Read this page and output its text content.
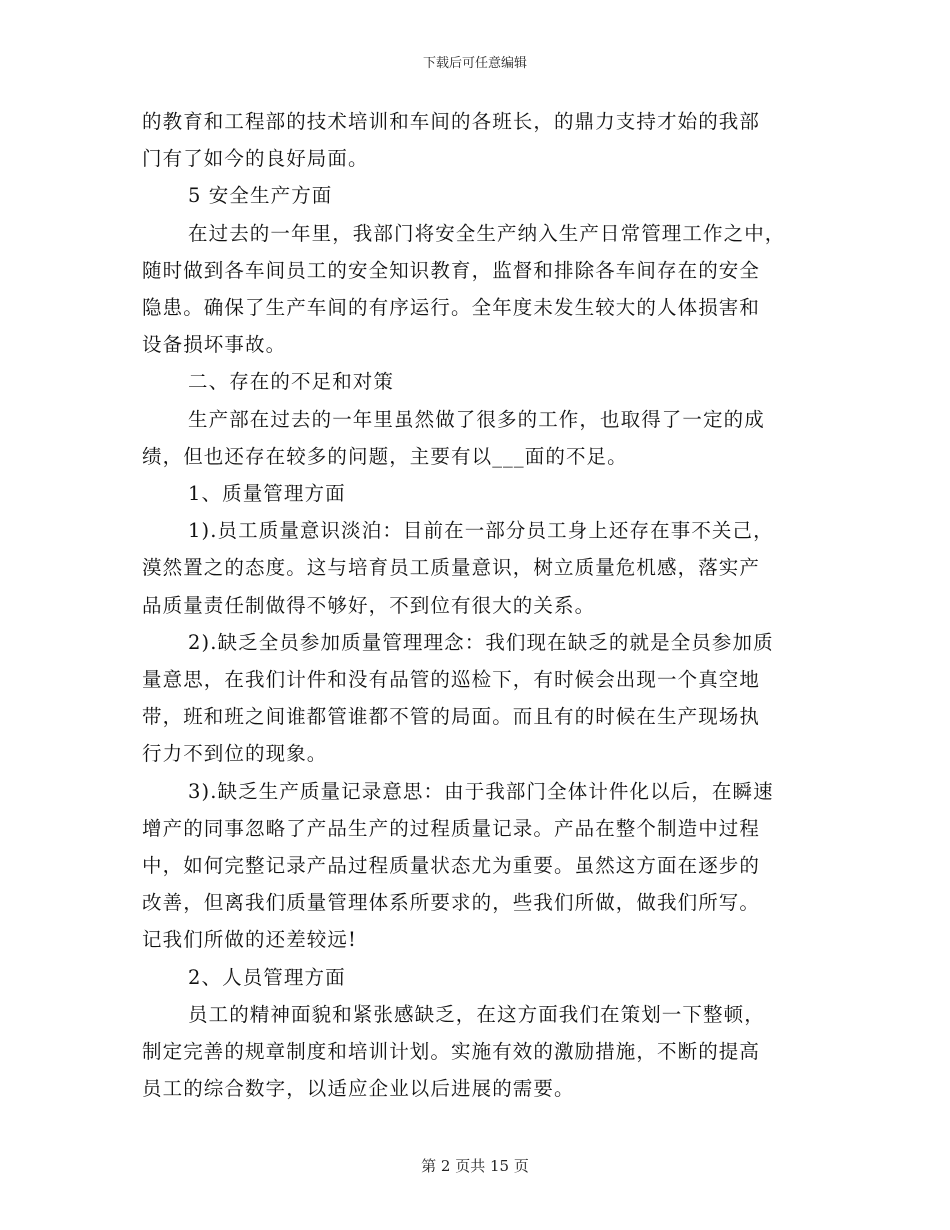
下载后可任意编辑

的教育和工程部的技术培训和车间的各班长，的鼎力支持才始的我部

门有了如今的良好局面。

5 安全生产方面

在过去的一年里，我部门将安全生产纳入生产日常管理工作之中，

随时做到各车间员工的安全知识教育，监督和排除各车间存在的安全

隐患。确保了生产车间的有序运行。全年度未发生较大的人体损害和

设备损坏事故。

二、存在的不足和对策

生产部在过去的一年里虽然做了很多的工作，也取得了一定的成

绩，但也还存在较多的问题，主要有以___面的不足。

1、质量管理方面

1).员工质量意识淡泊：目前在一部分员工身上还存在事不关己，

漠然置之的态度。这与培育员工质量意识，树立质量危机感，落实产

品质量责任制做得不够好，不到位有很大的关系。

2).缺乏全员参加质量管理理念：我们现在缺乏的就是全员参加质

量意思，在我们计件和没有品管的巡检下，有时候会出现一个真空地

带，班和班之间谁都管谁都不管的局面。而且有的时候在生产现场执

行力不到位的现象。

3).缺乏生产质量记录意思：由于我部门全体计件化以后，在瞬速

增产的同事忽略了产品生产的过程质量记录。产品在整个制造中过程

中，如何完整记录产品过程质量状态尤为重要。虽然这方面在逐步的

改善，但离我们质量管理体系所要求的，些我们所做，做我们所写。

记我们所做的还差较远!

2、人员管理方面

员工的精神面貌和紧张感缺乏，在这方面我们在策划一下整顿，

制定完善的规章制度和培训计划。实施有效的激励措施，不断的提高

员工的综合数字，以适应企业以后进展的需要。

第 2 页共 15 页
